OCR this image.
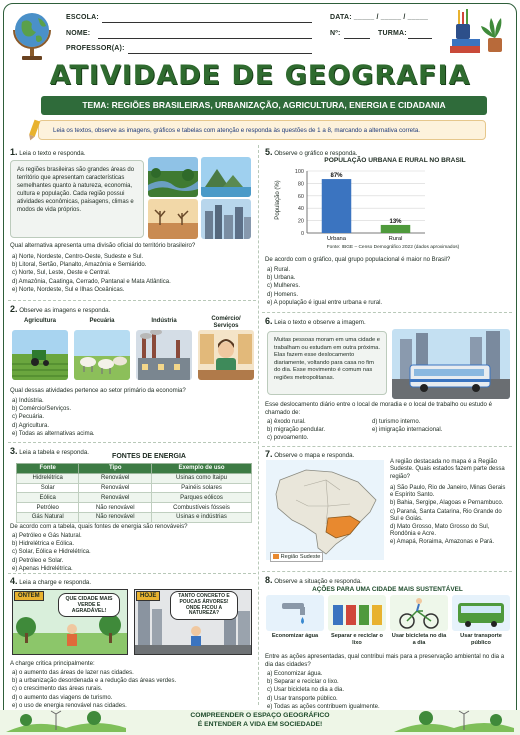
ESCOLA:
NOME:
PROFESSOR(A):
DATA: _____ / _____ / _____
Nº:	TURMA:
ATIVIDADE DE GEOGRAFIA
TEMA: REGIÕES BRASILEIRAS, URBANIZAÇÃO, AGRICULTURA, ENERGIA E CIDADANIA
Leia os textos, observe as imagens, gráficos e tabelas com atenção e responda às questões de 1 a 8, marcando a alternativa correta.
1. Leia o texto e responda.
As regiões brasileiras são grandes áreas do território que apresentam características semelhantes quanto à natureza, economia, cultura e população. Cada região possui atividades econômicas, paisagens, climas e modos de vida próprios.
Qual alternativa apresenta uma divisão oficial do território brasileiro?
a) Norte, Nordeste, Centro-Oeste, Sudeste e Sul.
b) Litoral, Sertão, Planalto, Amazônia e Semiárido.
c) Norte, Sul, Leste, Oeste e Central.
d) Amazônia, Caatinga, Cerrado, Pantanal e Mata Atlântica.
e) Norte, Nordeste, Sul e Ilhas Oceânicas.
2. Observe as imagens e responda.
Agricultura	Pecuária	Indústria	Comércio/ Serviços
Qual dessas atividades pertence ao setor primário da economia?
a) Indústria.
b) Comércio/Serviços.
c) Pecuária.
d) Agricultura.
e) Todas as alternativas acima.
3. Leia a tabela e responda.
FONTES DE ENERGIA
Fonte	Tipo	Exemplo de uso
Hidrelétrica	Renovável	Usinas como Itaipu
Solar	Renovável	Painéis solares
Eólica	Renovável	Parques eólicos
Petróleo	Não renovável	Combustíveis fósseis
Gás Natural	Não renovável	Usinas e indústrias
De acordo com a tabela, quais fontes de energia são renováveis?
a) Petróleo e Gás Natural.
b) Hidrelétrica e Eólica.
c) Solar, Eólica e Hidrelétrica.
d) Petróleo e Solar.
e) Apenas Hidrelétrica.
4. Leia a charge e responda.
ONTEM	QUE CIDADE MAIS VERDE E AGRADÁVEL!
HOJE	TANTO CONCRETO E POUCAS ÁRVORES! ONDE FICOU A NATUREZA?
A charge critica principalmente:
a) o aumento das áreas de lazer nas cidades.
b) a urbanização desordenada e a redução das áreas verdes.
c) o crescimento das áreas rurais.
d) o aumento das viagens de turismo.
e) o uso de energia renovável nas cidades.
5. Observe o gráfico e responda.
POPULAÇÃO URBANA E RURAL NO BRASIL
População (%)
0
20
40
60
80
100
87%
Urbana
13%
Rural
Fonte: IBGE – Censo Demográfico 2022 (dados aproximados)
De acordo com o gráfico, qual grupo populacional é maior no Brasil?
a) Rural.
b) Urbana.
c) Mulheres.
d) Homens.
e) A população é igual entre urbana e rural.
6. Leia o texto e observe a imagem.
Muitas pessoas moram em uma cidade e trabalham ou estudam em outra próxima. Elas fazem esse deslocamento diariamente, voltando para casa no fim do dia. Esse movimento é comum nas regiões metropolitanas.
Esse deslocamento diário entre o local de moradia e o local de trabalho ou estudo é chamado de:
a) êxodo rural.
b) migração pendular.
c) povoamento.
d) turismo interno.
e) imigração internacional.
7. Observe o mapa e responda.
Região Sudeste
A região destacada no mapa é a Região Sudeste. Quais estados fazem parte dessa região?
a) São Paulo, Rio de Janeiro, Minas Gerais e Espírito Santo.
b) Bahia, Sergipe, Alagoas e Pernambuco.
c) Paraná, Santa Catarina, Rio Grande do Sul e Goiás.
d) Mato Grosso, Mato Grosso do Sul, Rondônia e Acre.
e) Amapá, Roraima, Amazonas e Pará.
8. Observe a situação e responda.
AÇÕES PARA UMA CIDADE MAIS SUSTENTÁVEL
Economizar água	Separar e reciclar o lixo
Usar bicicleta no dia a dia
Usar transporte público
Entre as ações apresentadas, qual contribui mais para a preservação ambiental no dia a dia das cidades?
a) Economizar água.
b) Separar e reciclar o lixo.
c) Usar bicicleta no dia a dia.
d) Usar transporte público.
e) Todas as ações contribuem igualmente.
COMPREENDER O ESPAÇO GEOGRÁFICO
É ENTENDER A VIDA EM SOCIEDADE!
